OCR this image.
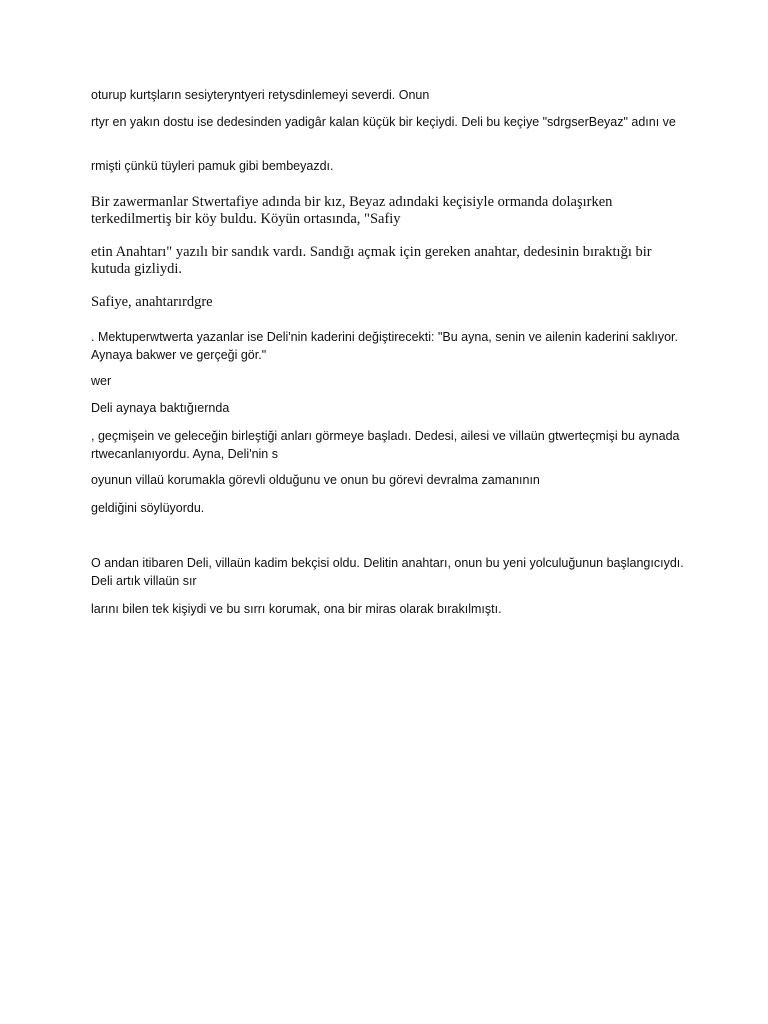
oturup kurtşların sesiyteryntyeri retysdinlemeyi severdi. Onun

rtyr en yakın dostu ise dedesinden yadigâr kalan küçük bir keçiydi. Deli bu keçiye "sdrgserBeyaz" adını ve

rmişti çünkü tüyleri pamuk gibi bembeyazdı.

Bir zawermanlar Stwertafiye adında bir kız, Beyaz adındaki keçisiyle ormanda dolaşırken terkedilmertiş bir köy buldu. Köyün ortasında, "Safiy

etin Anahtarı" yazılı bir sandık vardı. Sandığı açmak için gereken anahtar, dedesinin bıraktığı bir kutuda gizliydi.

Safiye, anahtarırdgre

. Mektuperwtwerta yazanlar ise Deli'nin kaderini değiştirecekti: "Bu ayna, senin ve ailenin kaderini saklıyor. Aynaya bakwer ve gerçeği gör."

wer

Deli aynaya baktığıernda

, geçmişein ve geleceğin birleştiği anları görmeye başladı. Dedesi, ailesi ve villaün gtwerteçmişi bu aynada rtwecanlanıyordu. Ayna, Deli'nin s

oyunun villaü korumakla görevli olduğunu ve onun bu görevi devralma zamanının

geldiğini söylüyordu.

O andan itibaren Deli, villaün kadim bekçisi oldu. Delitin anahtarı, onun bu yeni yolculuğunun başlangıcıydı. Deli artık villaün sır

larını bilen tek kişiydi ve bu sırrı korumak, ona bir miras olarak bırakılmıştı.
